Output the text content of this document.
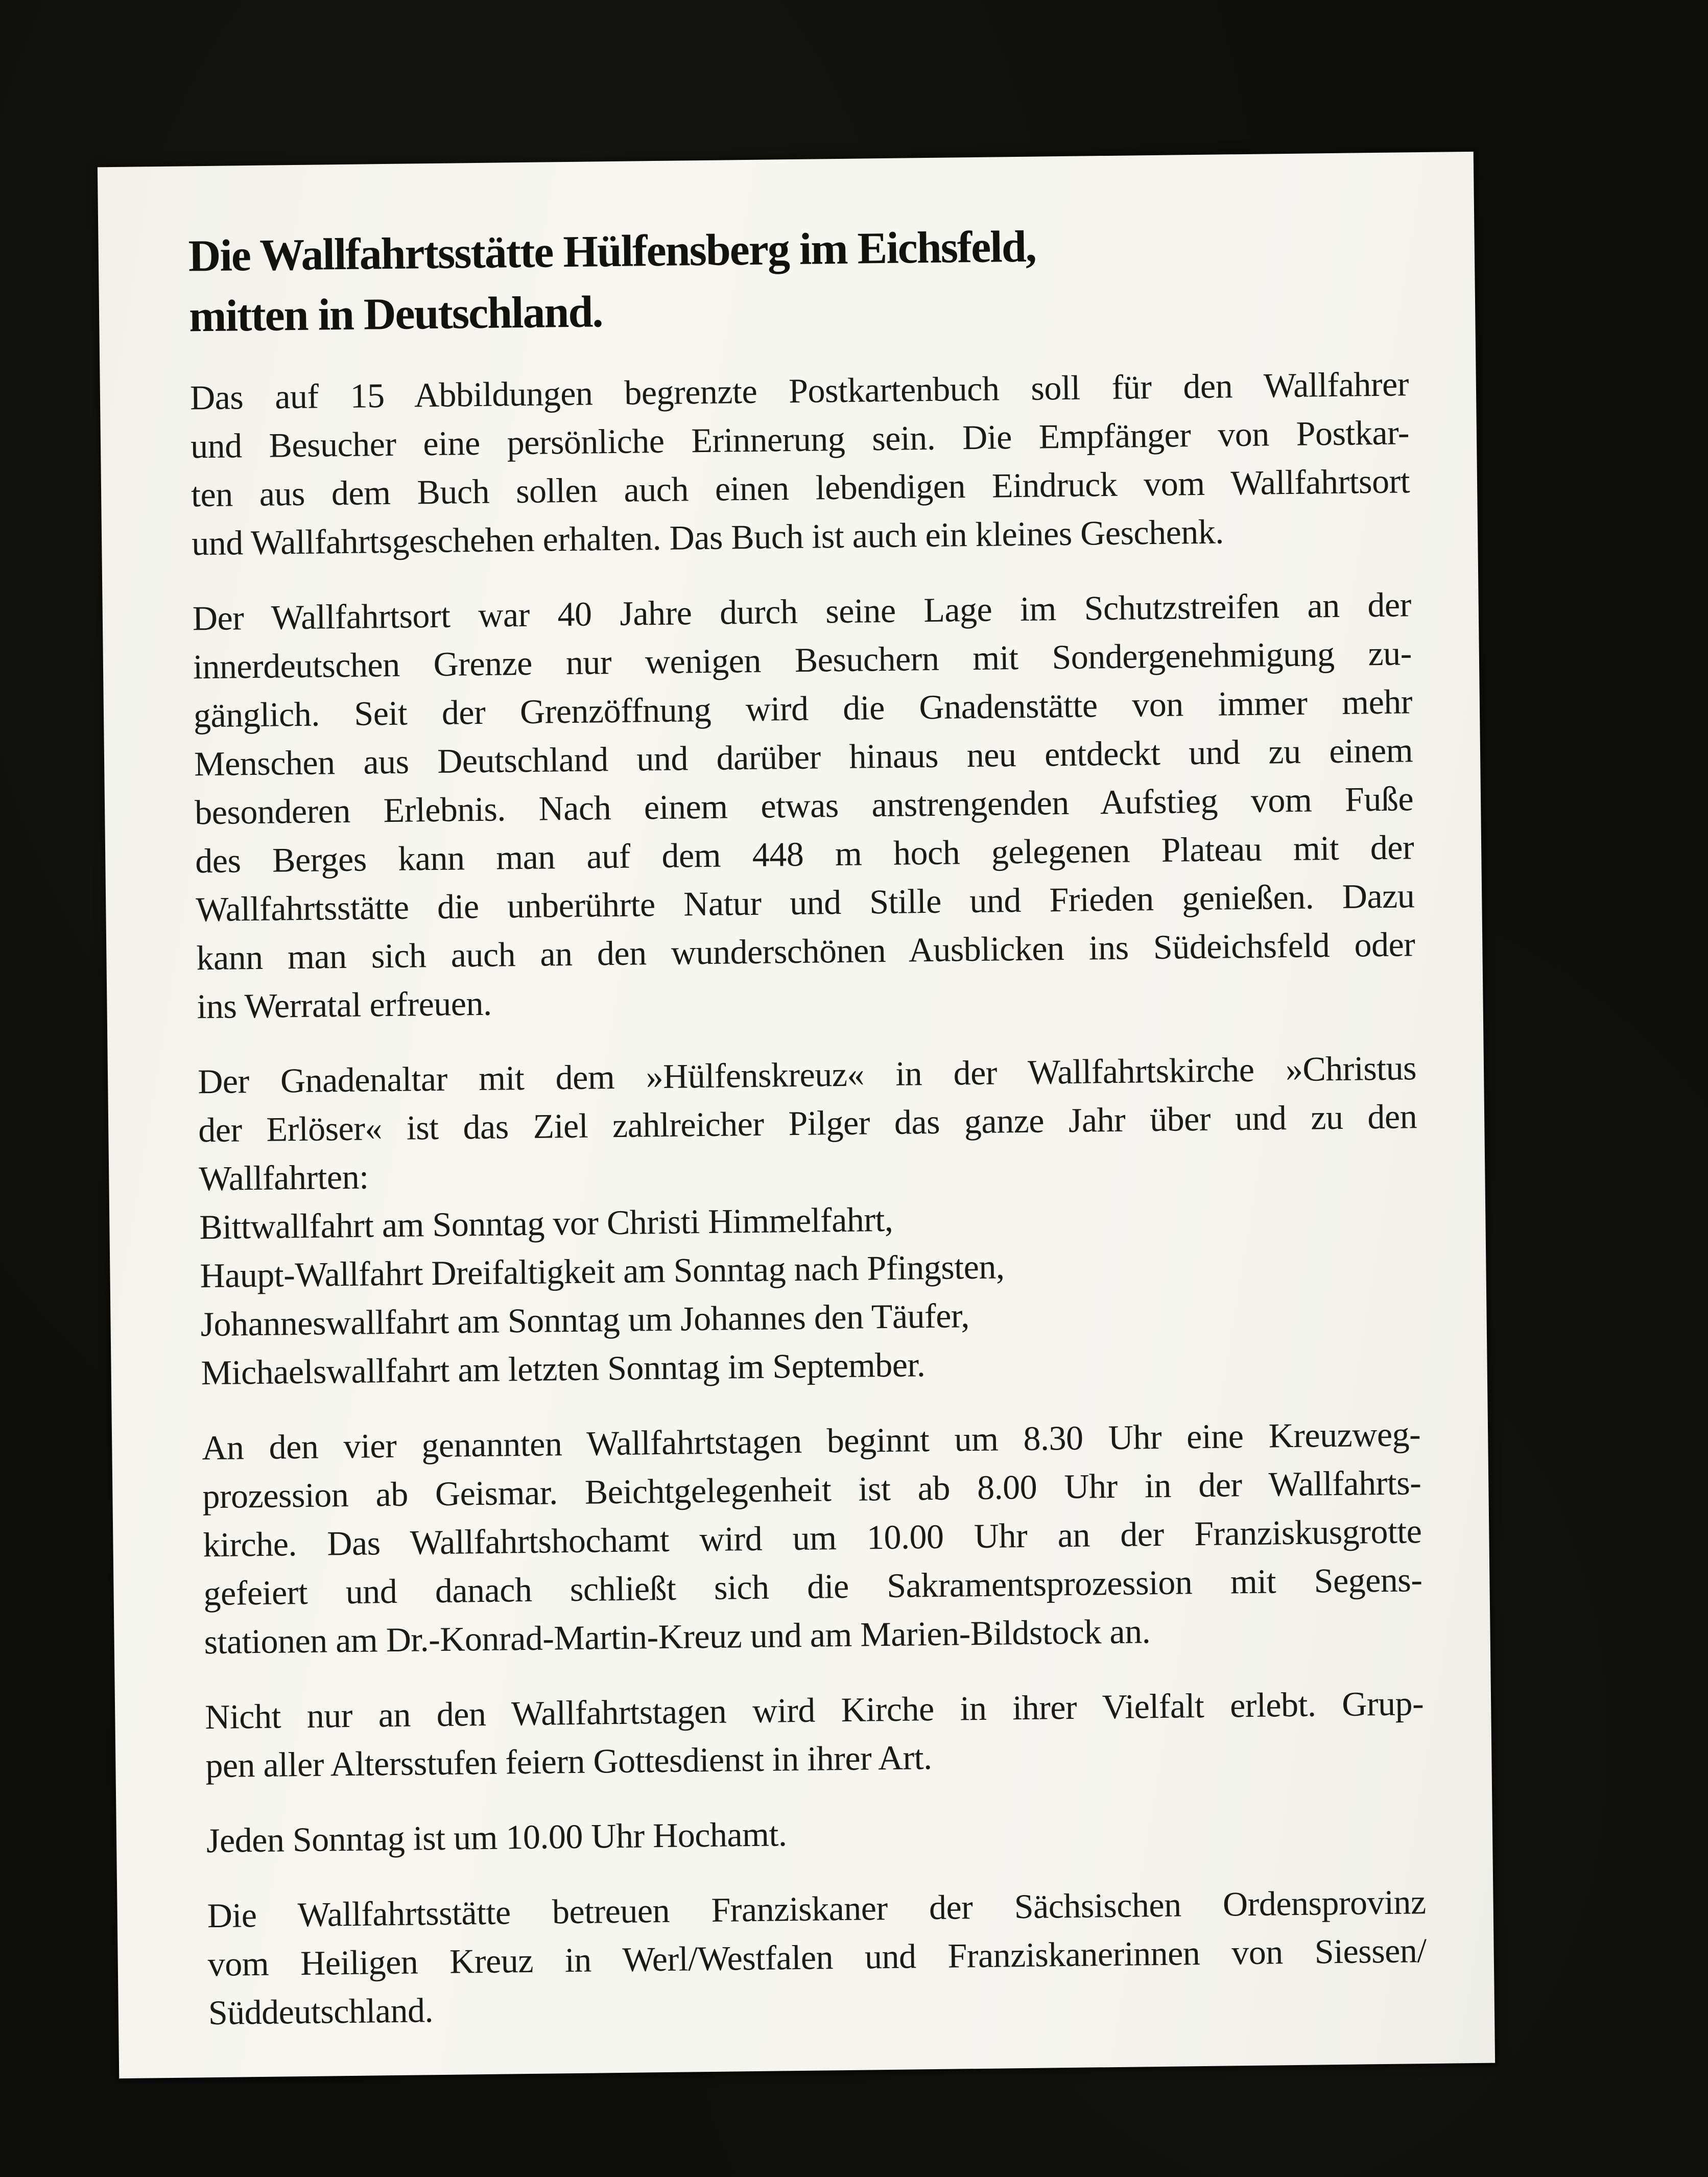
Die Wallfahrtsstätte Hülfensberg im Eichsfeld,
mitten in Deutschland.
Das auf 15 Abbildungen begrenzte Postkartenbuch soll für den Wallfahrer
und Besucher eine persönliche Erinnerung sein. Die Empfänger von Postkar-
ten aus dem Buch sollen auch einen lebendigen Eindruck vom Wallfahrtsort
und Wallfahrtsgeschehen erhalten. Das Buch ist auch ein kleines Geschenk.
Der Wallfahrtsort war 40 Jahre durch seine Lage im Schutzstreifen an der
innerdeutschen Grenze nur wenigen Besuchern mit Sondergenehmigung zu-
gänglich. Seit der Grenzöffnung wird die Gnadenstätte von immer mehr
Menschen aus Deutschland und darüber hinaus neu entdeckt und zu einem
besonderen Erlebnis. Nach einem etwas anstrengenden Aufstieg vom Fuße
des Berges kann man auf dem 448 m hoch gelegenen Plateau mit der
Wallfahrtsstätte die unberührte Natur und Stille und Frieden genießen. Dazu
kann man sich auch an den wunderschönen Ausblicken ins Südeichsfeld oder
ins Werratal erfreuen.
Der Gnadenaltar mit dem »Hülfenskreuz« in der Wallfahrtskirche »Christus
der Erlöser« ist das Ziel zahlreicher Pilger das ganze Jahr über und zu den
Wallfahrten:
Bittwallfahrt am Sonntag vor Christi Himmelfahrt,
Haupt-Wallfahrt Dreifaltigkeit am Sonntag nach Pfingsten,
Johanneswallfahrt am Sonntag um Johannes den Täufer,
Michaelswallfahrt am letzten Sonntag im September.
An den vier genannten Wallfahrtstagen beginnt um 8.30 Uhr eine Kreuzweg-
prozession ab Geismar. Beichtgelegenheit ist ab 8.00 Uhr in der Wallfahrts-
kirche. Das Wallfahrtshochamt wird um 10.00 Uhr an der Franziskusgrotte
gefeiert und danach schließt sich die Sakramentsprozession mit Segens-
stationen am Dr.-Konrad-Martin-Kreuz und am Marien-Bildstock an.
Nicht nur an den Wallfahrtstagen wird Kirche in ihrer Vielfalt erlebt. Grup-
pen aller Altersstufen feiern Gottesdienst in ihrer Art.
Jeden Sonntag ist um 10.00 Uhr Hochamt.
Die Wallfahrtsstätte betreuen Franziskaner der Sächsischen Ordensprovinz
vom Heiligen Kreuz in Werl/Westfalen und Franziskanerinnen von Siessen/
Süddeutschland.
